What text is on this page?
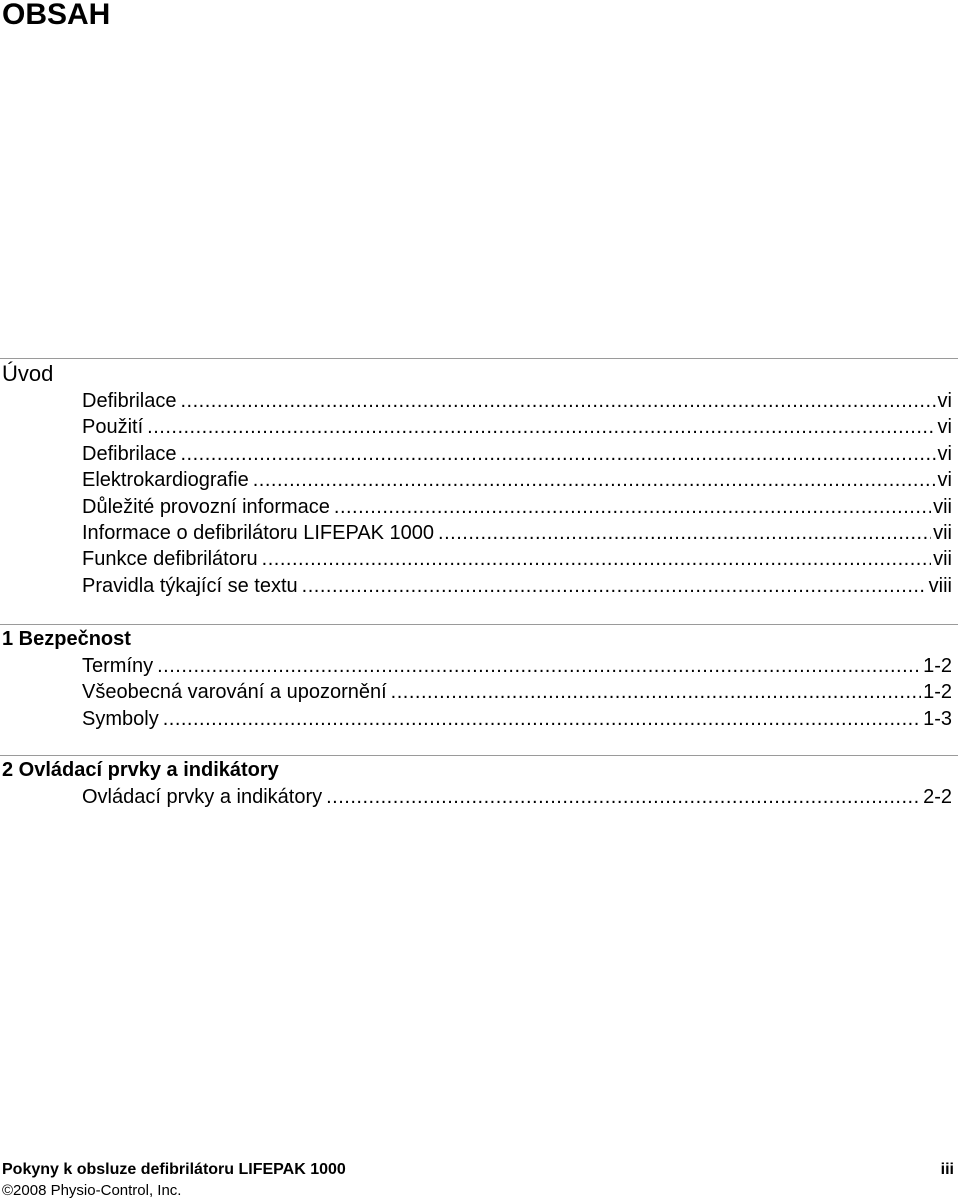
OBSAH
Úvod
Defibrilace .....	vi
Použití .....	vi
Defibrilace .....	vi
Elektrokardiografie .....	vi
Důležité provozní informace .....	vii
Informace o defibrilátoru LIFEPAK 1000 .....	vii
Funkce defibrilátoru .....	vii
Pravidla týkající se textu .....	viii
1 Bezpečnost
Termíny .....	1-2
Všeobecná varování a upozornění .....	1-2
Symboly .....	1-3
2 Ovládací prvky a indikátory
Ovládací prvky a indikátory .....	2-2
Pokyny k obsluze defibrilátoru LIFEPAK 1000	iii
©2008 Physio-Control, Inc.
